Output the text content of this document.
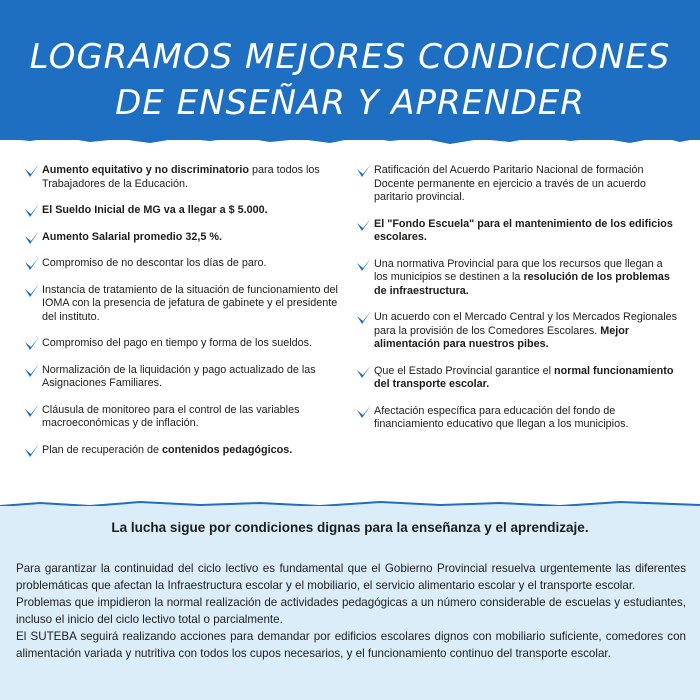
LOGRAMOS MEJORES CONDICIONES
DE ENSEÑAR Y APRENDER
Aumento equitativo y no discriminatorio para todos los Trabajadores de la Educación.
El Sueldo Inicial de MG va a llegar a $ 5.000.
Aumento Salarial promedio 32,5 %.
Compromiso de no descontar los días de paro.
Instancia de tratamiento de la situación de funcionamiento del IOMA con la presencia de jefatura de gabinete y el presidente del instituto.
Compromiso del pago en tiempo y forma de los sueldos.
Normalización de la liquidación y pago actualizado de las Asignaciones Familiares.
Cláusula de monitoreo para el control de las variables macroeconómicas y de inflación.
Plan de recuperación de contenidos pedagógicos.
Ratificación del Acuerdo Paritario Nacional de formación Docente permanente en ejercicio a través de un acuerdo paritario provincial.
El "Fondo Escuela" para el mantenimiento de los edificios escolares.
Una normativa Provincial para que los recursos que llegan a los municipios se destinen a la resolución de los problemas de infraestructura.
Un acuerdo con el Mercado Central y los Mercados Regionales para la provisión de los Comedores Escolares. Mejor alimentación para nuestros pibes.
Que el Estado Provincial garantice el normal funcionamiento del transporte escolar.
Afectación específica para educación del fondo de financiamiento educativo que llegan a los municipios.
La lucha sigue por condiciones dignas para la enseñanza y el aprendizaje.

Para garantizar la continuidad del ciclo lectivo es fundamental que el Gobierno Provincial resuelva urgentemente las diferentes problemáticas que afectan la Infraestructura escolar y el mobiliario, el servicio alimentario escolar y el transporte escolar.

Problemas que impidieron la normal realización de actividades pedagógicas a un número considerable de escuelas y estudiantes, incluso el inicio del ciclo lectivo total o parcialmente.

El SUTEBA seguirá realizando acciones para demandar por edificios escolares dignos con mobiliario suficiente, comedores con alimentación variada y nutritiva con todos los cupos necesarios, y el funcionamiento continuo del transporte escolar.
